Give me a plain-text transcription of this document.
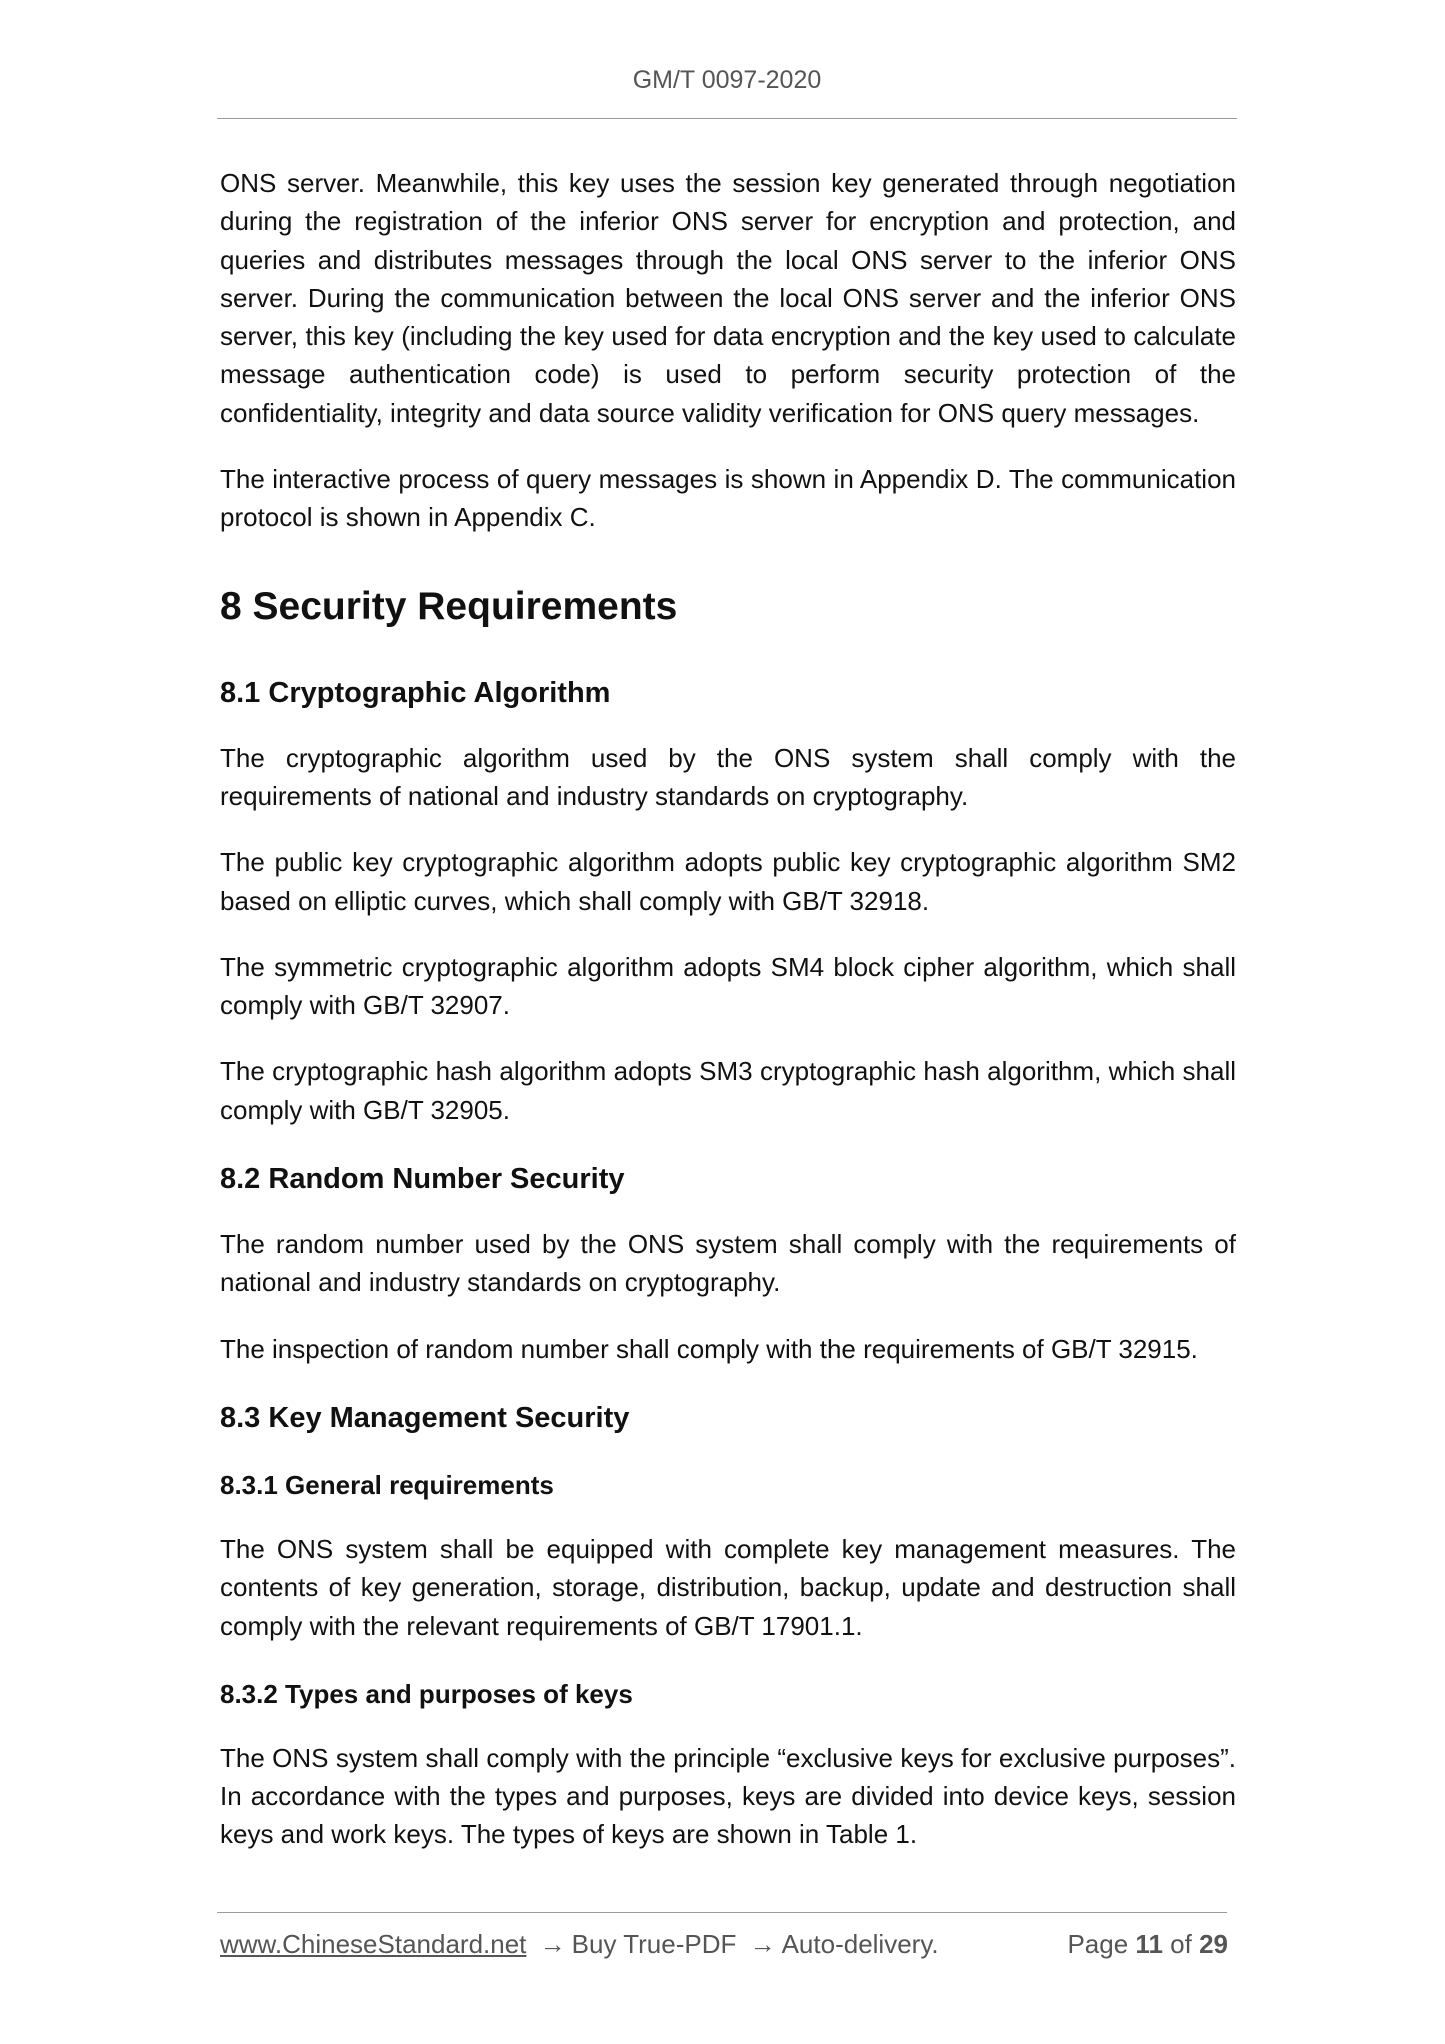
GM/T 0097-2020

ONS server. Meanwhile, this key uses the session key generated through negotiation during the registration of the inferior ONS server for encryption and protection, and queries and distributes messages through the local ONS server to the inferior ONS server. During the communication between the local ONS server and the inferior ONS server, this key (including the key used for data encryption and the key used to calculate message authentication code) is used to perform security protection of the confidentiality, integrity and data source validity verification for ONS query messages.

The interactive process of query messages is shown in Appendix D. The communication protocol is shown in Appendix C.

8 Security Requirements
8.1 Cryptographic Algorithm

The cryptographic algorithm used by the ONS system shall comply with the requirements of national and industry standards on cryptography.

The public key cryptographic algorithm adopts public key cryptographic algorithm SM2 based on elliptic curves, which shall comply with GB/T 32918.

The symmetric cryptographic algorithm adopts SM4 block cipher algorithm, which shall comply with GB/T 32907.

The cryptographic hash algorithm adopts SM3 cryptographic hash algorithm, which shall comply with GB/T 32905.

8.2 Random Number Security

The random number used by the ONS system shall comply with the requirements of national and industry standards on cryptography.

The inspection of random number shall comply with the requirements of GB/T 32915.

8.3 Key Management Security
8.3.1 General requirements

The ONS system shall be equipped with complete key management measures. The contents of key generation, storage, distribution, backup, update and destruction shall comply with the relevant requirements of GB/T 17901.1.

8.3.2 Types and purposes of keys

The ONS system shall comply with the principle “exclusive keys for exclusive purposes”. In accordance with the types and purposes, keys are divided into device keys, session keys and work keys. The types of keys are shown in Table 1.

www.ChineseStandard.net → Buy True-PDF → Auto-delivery.	Page 11 of 29
